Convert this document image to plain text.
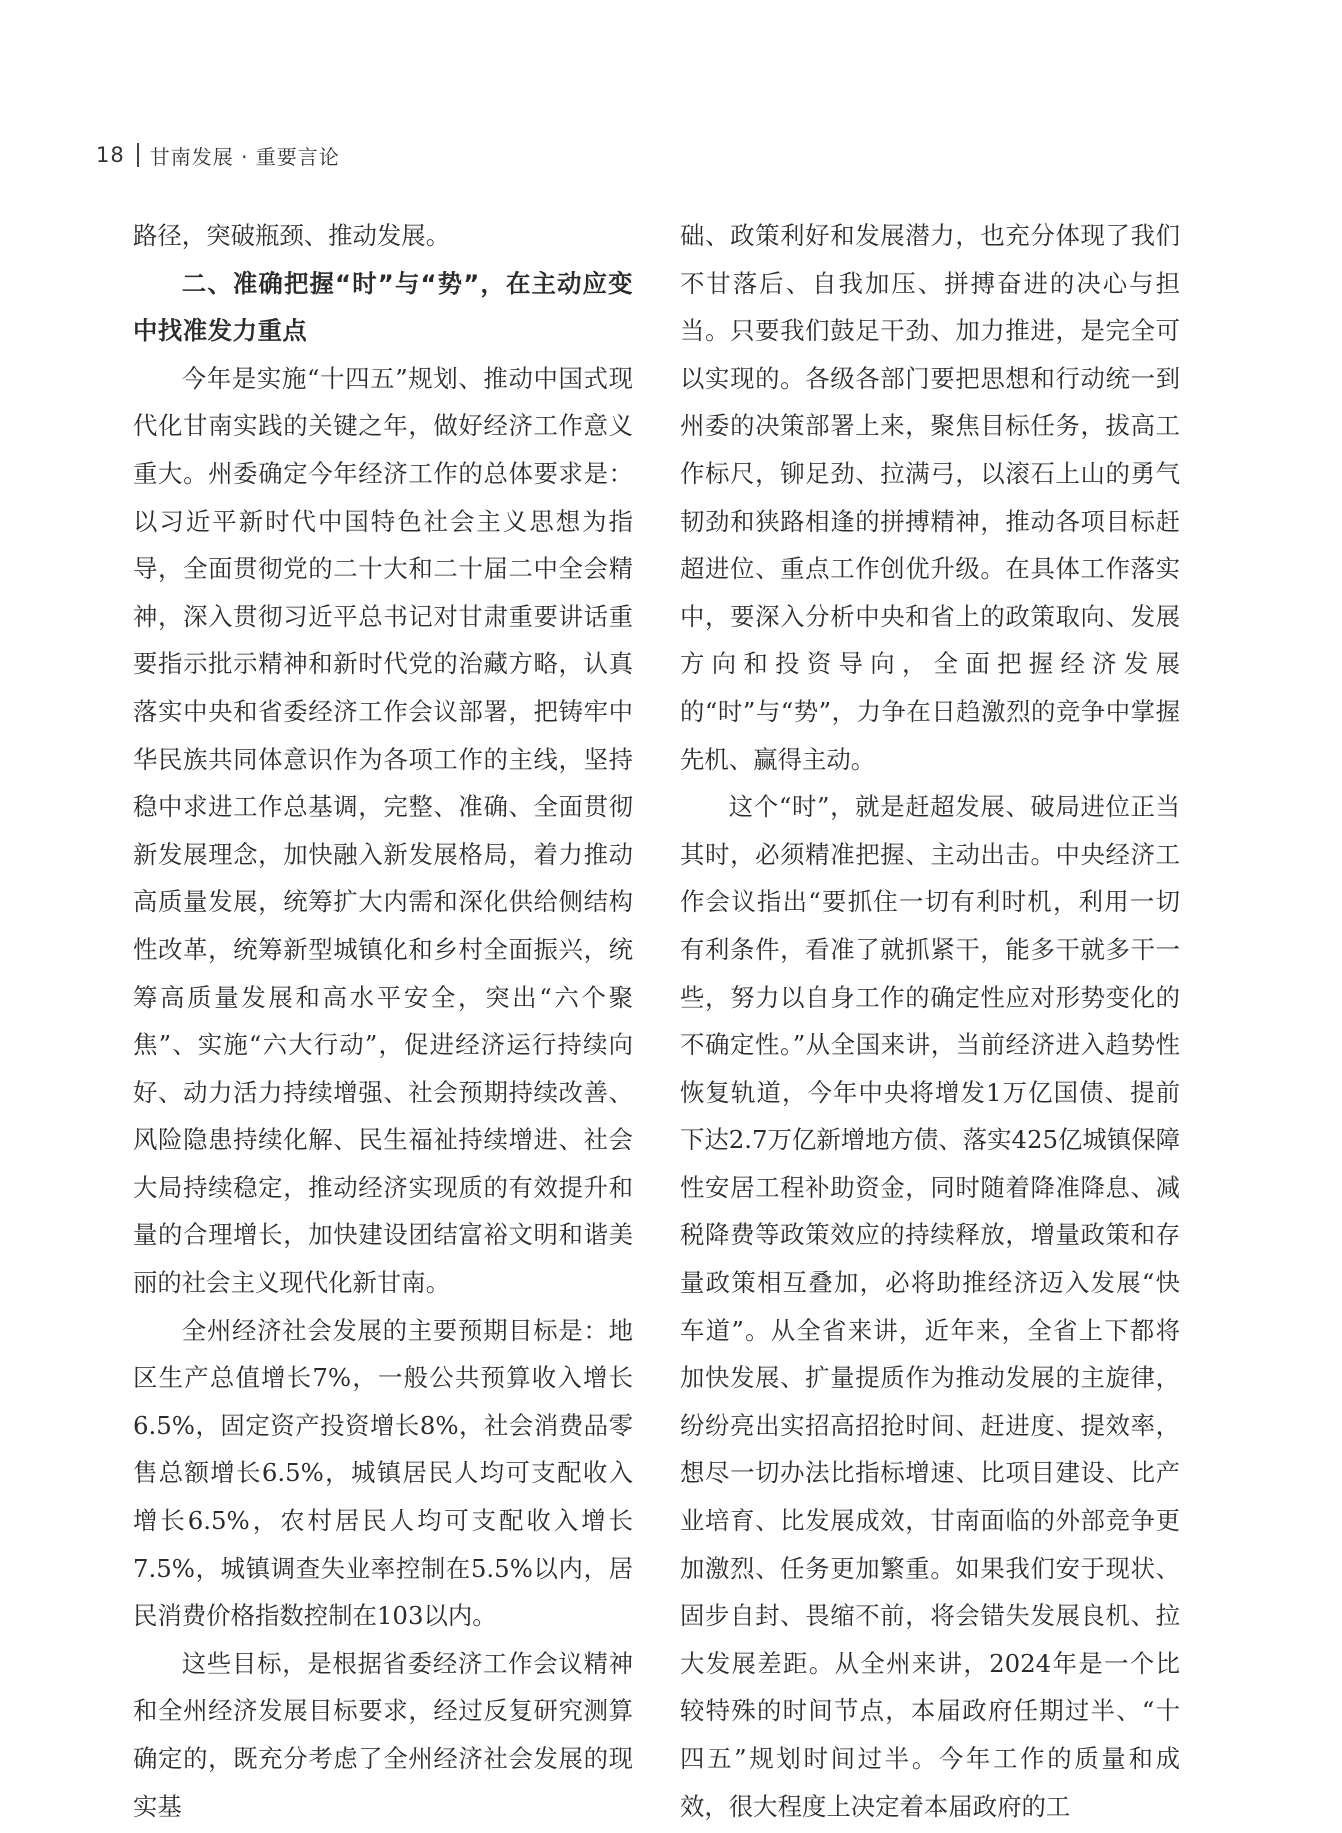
18 甘南发展 · 重要言论

路径，突破瓶颈、推动发展。

二、准确把握“时”与“势”，在主动应变中找准发力重点

今年是实施“十四五”规划、推动中国式现代化甘南实践的关键之年，做好经济工作意义重大。州委确定今年经济工作的总体要求是：以习近平新时代中国特色社会主义思想为指导，全面贯彻党的二十大和二十届二中全会精神，深入贯彻习近平总书记对甘肃重要讲话重要指示批示精神和新时代党的治藏方略，认真落实中央和省委经济工作会议部署，把铸牢中华民族共同体意识作为各项工作的主线，坚持稳中求进工作总基调，完整、准确、全面贯彻新发展理念，加快融入新发展格局，着力推动高质量发展，统筹扩大内需和深化供给侧结构性改革，统筹新型城镇化和乡村全面振兴，统筹高质量发展和高水平安全，突出“六个聚焦”、实施“六大行动”，促进经济运行持续向好、动力活力持续增强、社会预期持续改善、风险隐患持续化解、民生福祉持续增进、社会大局持续稳定，推动经济实现质的有效提升和量的合理增长，加快建设团结富裕文明和谐美丽的社会主义现代化新甘南。

全州经济社会发展的主要预期目标是：地区生产总值增长7%，一般公共预算收入增长6.5%，固定资产投资增长8%，社会消费品零售总额增长6.5%，城镇居民人均可支配收入增长6.5%，农村居民人均可支配收入增长7.5%，城镇调查失业率控制在5.5%以内，居民消费价格指数控制在103以内。

这些目标，是根据省委经济工作会议精神和全州经济发展目标要求，经过反复研究测算确定的，既充分考虑了全州经济社会发展的现实基

础、政策利好和发展潜力，也充分体现了我们不甘落后、自我加压、拼搏奋进的决心与担当。只要我们鼓足干劲、加力推进，是完全可以实现的。各级各部门要把思想和行动统一到州委的决策部署上来，聚焦目标任务，拔高工作标尺，铆足劲、拉满弓，以滚石上山的勇气韧劲和狭路相逢的拼搏精神，推动各项目标赶超进位、重点工作创优升级。在具体工作落实中，要深入分析中央和省上的政策取向、发展方向和投资导向，全面把握经济发展的“时”与“势”，力争在日趋激烈的竞争中掌握先机、赢得主动。

这个“时”，就是赶超发展、破局进位正当其时，必须精准把握、主动出击。中央经济工作会议指出“要抓住一切有利时机，利用一切有利条件，看准了就抓紧干，能多干就多干一些，努力以自身工作的确定性应对形势变化的不确定性。”从全国来讲，当前经济进入趋势性恢复轨道，今年中央将增发1万亿国债、提前下达2.7万亿新增地方债、落实425亿城镇保障性安居工程补助资金，同时随着降准降息、减税降费等政策效应的持续释放，增量政策和存量政策相互叠加，必将助推经济迈入发展“快车道”。从全省来讲，近年来，全省上下都将加快发展、扩量提质作为推动发展的主旋律，纷纷亮出实招高招抢时间、赶进度、提效率，想尽一切办法比指标增速、比项目建设、比产业培育、比发展成效，甘南面临的外部竞争更加激烈、任务更加繁重。如果我们安于现状、固步自封、畏缩不前，将会错失发展良机、拉大发展差距。从全州来讲，2024年是一个比较特殊的时间节点，本届政府任期过半、“十四五”规划时间过半。今年工作的质量和成效，很大程度上决定着本届政府的工
